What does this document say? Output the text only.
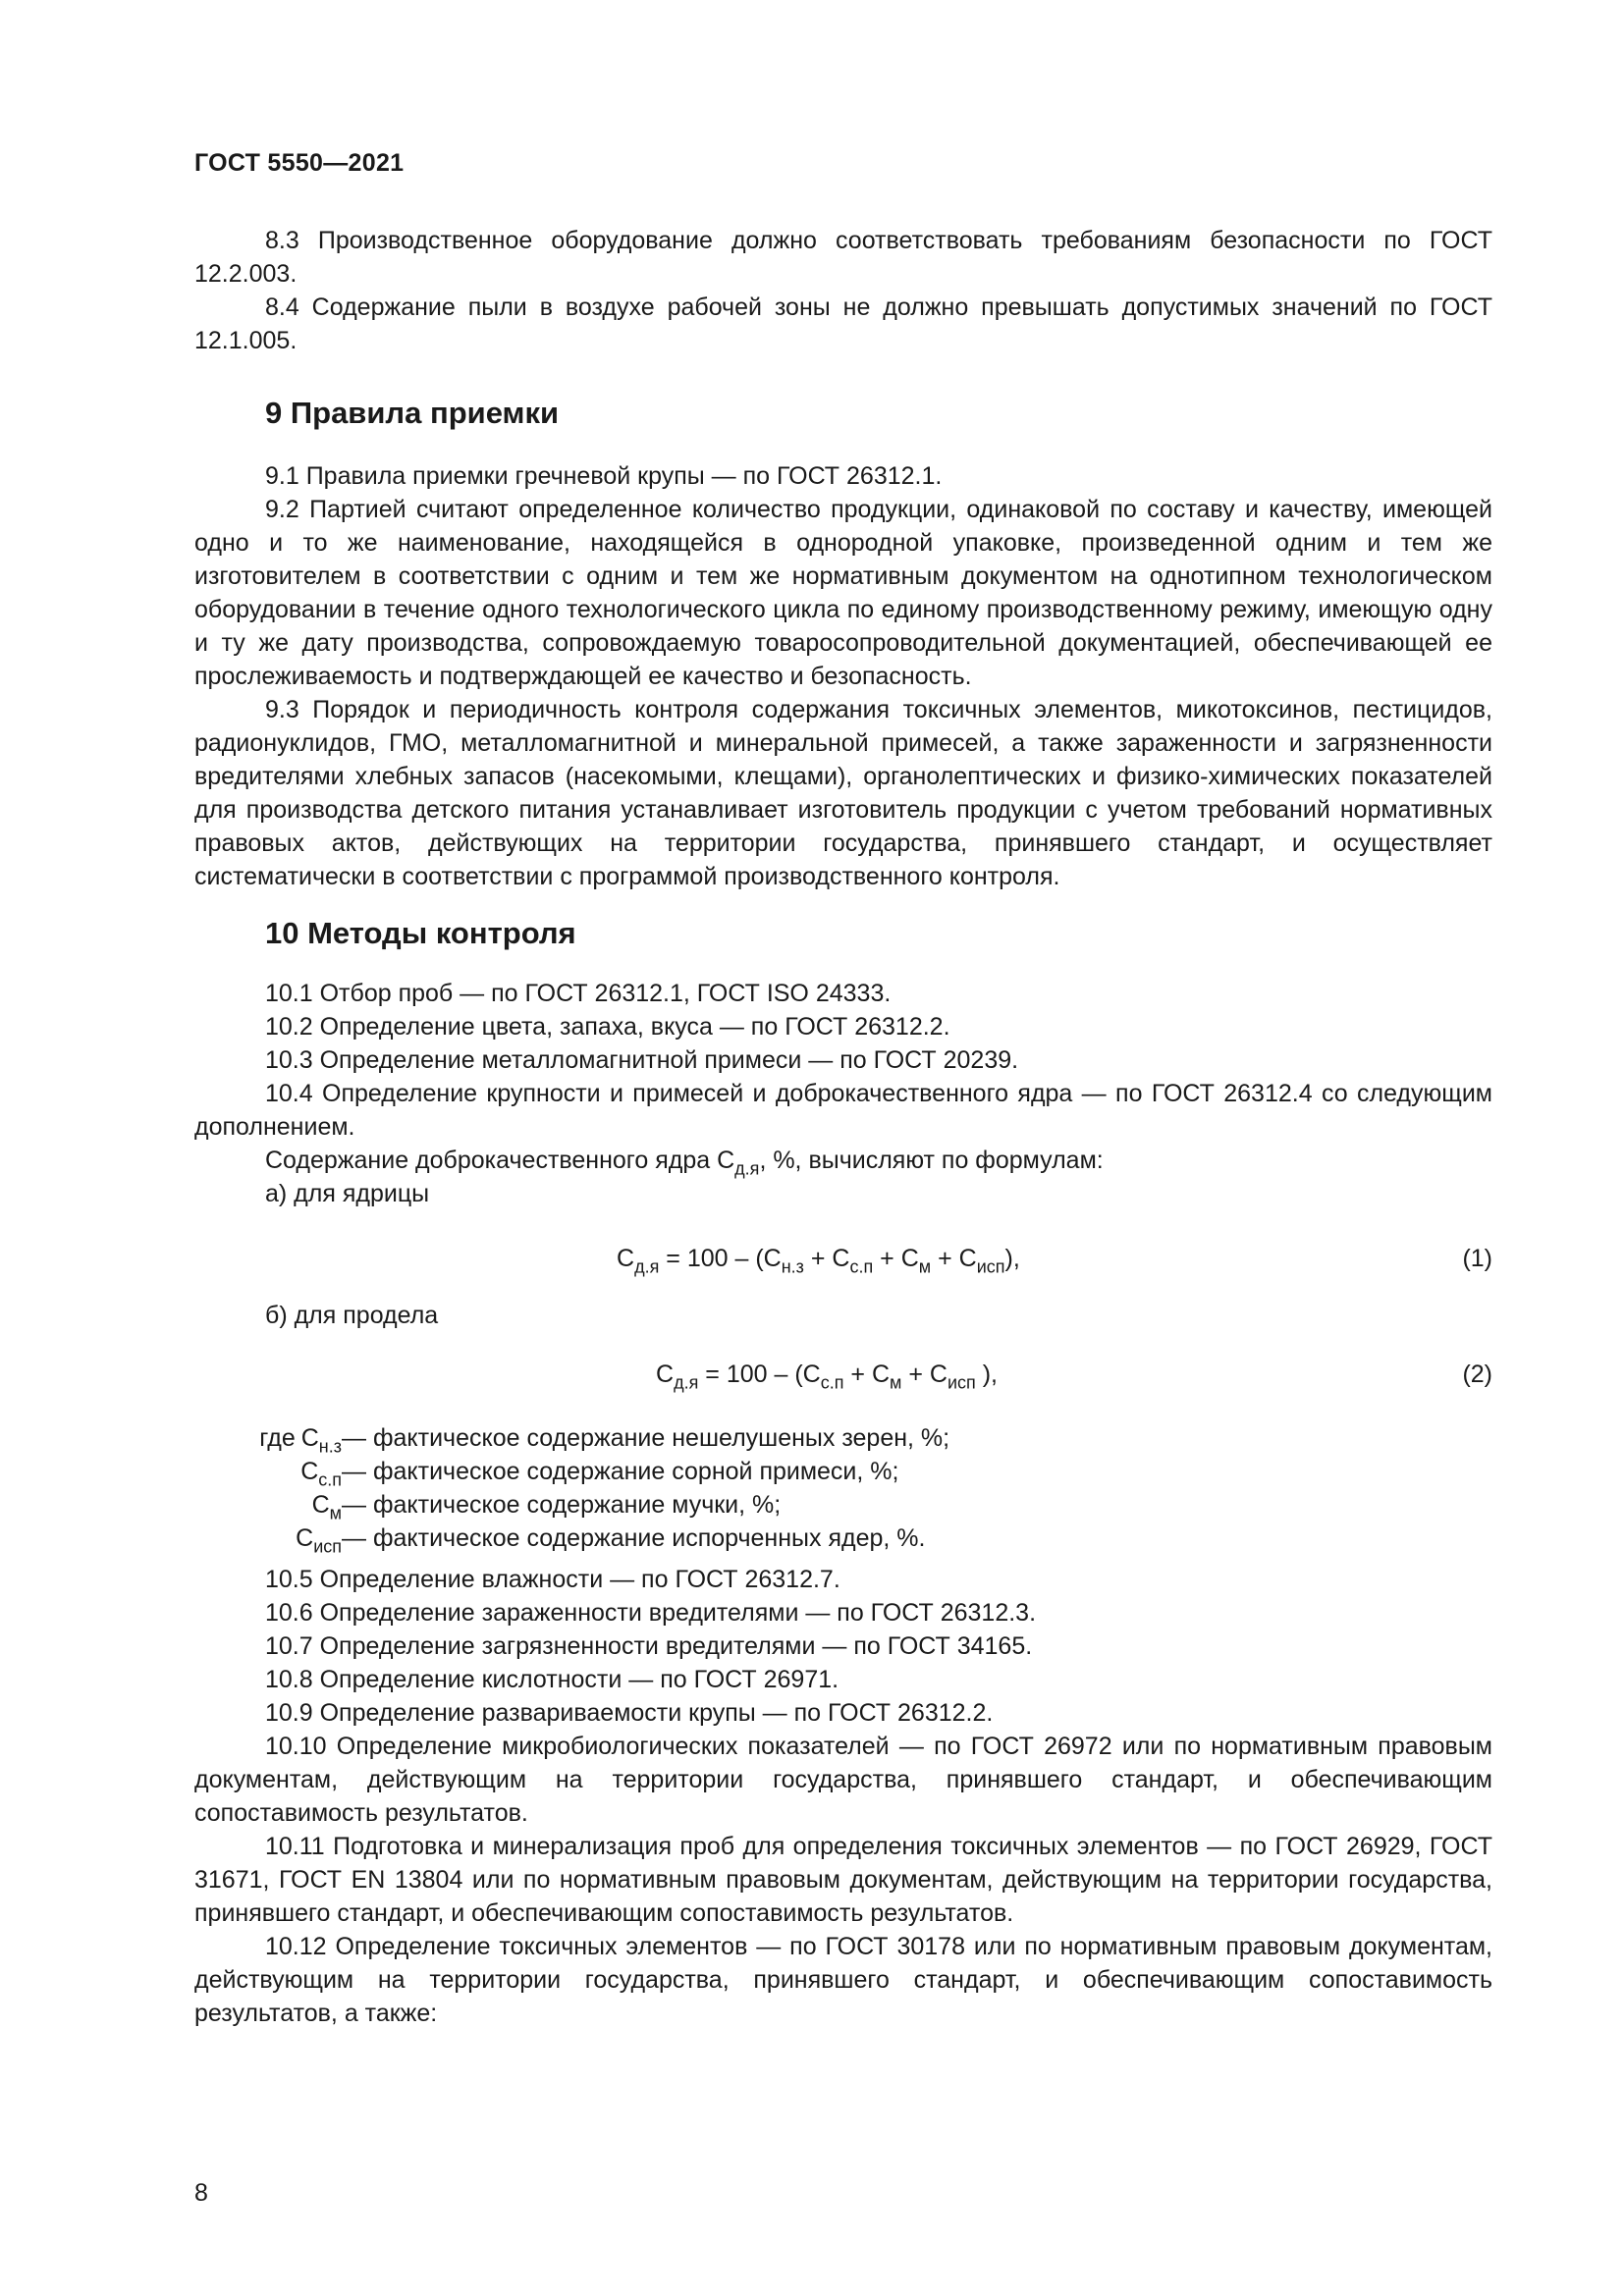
ГОСТ 5550—2021

8.3 Производственное оборудование должно соответствовать требованиям безопасности по ГОСТ 12.2.003.

8.4 Содержание пыли в воздухе рабочей зоны не должно превышать допустимых значений по ГОСТ 12.1.005.

9 Правила приемки

9.1 Правила приемки гречневой крупы — по ГОСТ 26312.1.

9.2 Партией считают определенное количество продукции, одинаковой по составу и качеству, имеющей одно и то же наименование, находящейся в однородной упаковке, произведенной одним и тем же изготовителем в соответствии с одним и тем же нормативным документом на однотипном технологическом оборудовании в течение одного технологического цикла по единому производственному режиму, имеющую одну и ту же дату производства, сопровождаемую товаросопроводительной документацией, обеспечивающей ее прослеживаемость и подтверждающей ее качество и безопасность.

9.3 Порядок и периодичность контроля содержания токсичных элементов, микотоксинов, пестицидов, радионуклидов, ГМО, металломагнитной и минеральной примесей, а также зараженности и загрязненности вредителями хлебных запасов (насекомыми, клещами), органолептических и физико-химических показателей для производства детского питания устанавливает изготовитель продукции с учетом требований нормативных правовых актов, действующих на территории государства, принявшего стандарт, и осуществляет систематически в соответствии с программой производственного контроля.

10 Методы контроля

10.1 Отбор проб — по ГОСТ 26312.1, ГОСТ ISO 24333.

10.2 Определение цвета, запаха, вкуса — по ГОСТ 26312.2.

10.3 Определение металломагнитной примеси — по ГОСТ 20239.

10.4 Определение крупности и примесей и доброкачественного ядра — по ГОСТ 26312.4 со следующим дополнением.

Содержание доброкачественного ядра $С_{д.я}$, %, вычисляют по формулам:

а) для ядрицы

$С_{д.я} = 100 - (С_{н.з} + С_{с.п} + С_м + С_{исп})$,	(1)

б) для продела

$С_{д.я} = 100 - (С_{с.п} + С_м + С_{исп}$ ),	(2)
где $С_{н.з}$ — фактическое содержание нешелушеных зерен, %;
$С_{с.п}$ — фактическое содержание сорной примеси, %;
$С_м$ — фактическое содержание мучки, %;
$С_{исп}$ — фактическое содержание испорченных ядер, %.

10.5 Определение влажности — по ГОСТ 26312.7.

10.6 Определение зараженности вредителями — по ГОСТ 26312.3.

10.7 Определение загрязненности вредителями — по ГОСТ 34165.

10.8 Определение кислотности — по ГОСТ 26971.

10.9 Определение развариваемости крупы — по ГОСТ 26312.2.

10.10 Определение микробиологических показателей — по ГОСТ 26972 или по нормативным правовым документам, действующим на территории государства, принявшего стандарт, и обеспечивающим сопоставимость результатов.

10.11 Подготовка и минерализация проб для определения токсичных элементов — по ГОСТ 26929, ГОСТ 31671, ГОСТ EN 13804 или по нормативным правовым документам, действующим на территории государства, принявшего стандарт, и обеспечивающим сопоставимость результатов.

10.12 Определение токсичных элементов — по ГОСТ 30178 или по нормативным правовым документам, действующим на территории государства, принявшего стандарт, и обеспечивающим сопоставимость результатов, а также:

8
